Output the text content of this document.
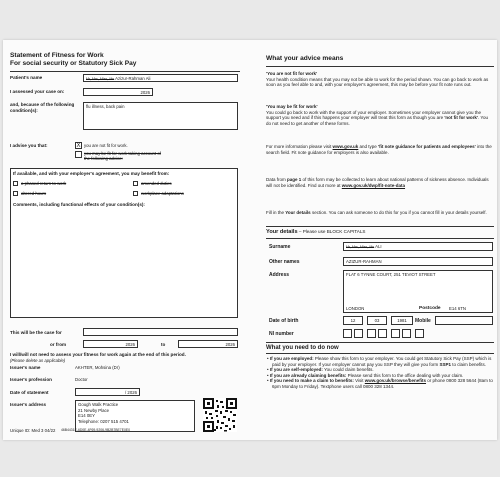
Statement of Fitness for Work
For social security or Statutory Sick Pay
Patient's name	Mr, Mrs, Miss, Ms Azizur-Rahman Ali
I assessed your case on:	2026
and, because of the following condition(s):
flu illness, back pain
I advise you that:	X you are not fit for work.
you may be fit for work taking account of the following advice:
If available, and with your employer's agreement, you may benefit from:
a phased return to work	amended duties
altered hours	workplace adaptations
Comments, including functional effects of your condition(s):
This will be the case for
or from	2026	to	2026
I will/will not need to assess your fitness for work again at the end of this period.
(Please delete as applicable)
Issuer's name	AKHTER, Mohsina (Dr)
Issuer's profession	Doctor
Date of statement	/ 2026
Issuer's address	Gough Walk Practice
21 Newby Place
E14 0EY
Telephone: 0207 515 4701
Unique ID: Med 3 04/22 46B4431E-6D0E-4F69-9206-9B2B7BE7E0E0
What your advice means
'You are not fit for work'
Your health condition means that you may not be able to work for the period shown. You can go back to work as soon as you feel able to and, with your employer's agreement, this may be before your fit note runs out.
'You may be fit for work'
You could go back to work with the support of your employer. Sometimes your employer cannot give you the support you need and if this happens your employer will treat this form as though you are 'not fit for work'. You do not need to get another of these forms.
For more information please visit www.gov.uk and type 'fit note guidance for patients and employees' into the search field. Fit note guidance for employers is also available.
Data from page 1 of this form may be collected to learn about national patterns of sickness absence. Individuals will not be identified. Find out more at www.gov.uk/dwp/fit-note-data
Fill in the Your details section. You can ask someone to do this for you if you cannot fill in your details yourself.
Your details – Please use BLOCK CAPITALS
Surname	Mr, Mrs, Miss, Ms ALI
Other names	AZIZUR-RAHMAN
Address	FLAT 6 TYNNE COURT, 251 TEVIOT STREET
LONDON	Postcode E14 6TN
Date of birth	12	03	1981	Mobile
NI number
What you need to do now
• If you are employed: Please show this form to your employer. You could get Statutory Sick Pay (SSP) which is paid by your employer. If your employer cannot pay you SSP they will give you form SSP1 to claim benefits.
• If you are self-employed: You could claim benefits.
• If you are already claiming benefits: Please send this form to the office dealing with your claim.
• If you need to make a claim to benefits: Visit www.gov.uk/browse/benefits or phone 0800 328 5644 (8am to 6pm Monday to Friday). Textphone users call 0800 328 1344.
